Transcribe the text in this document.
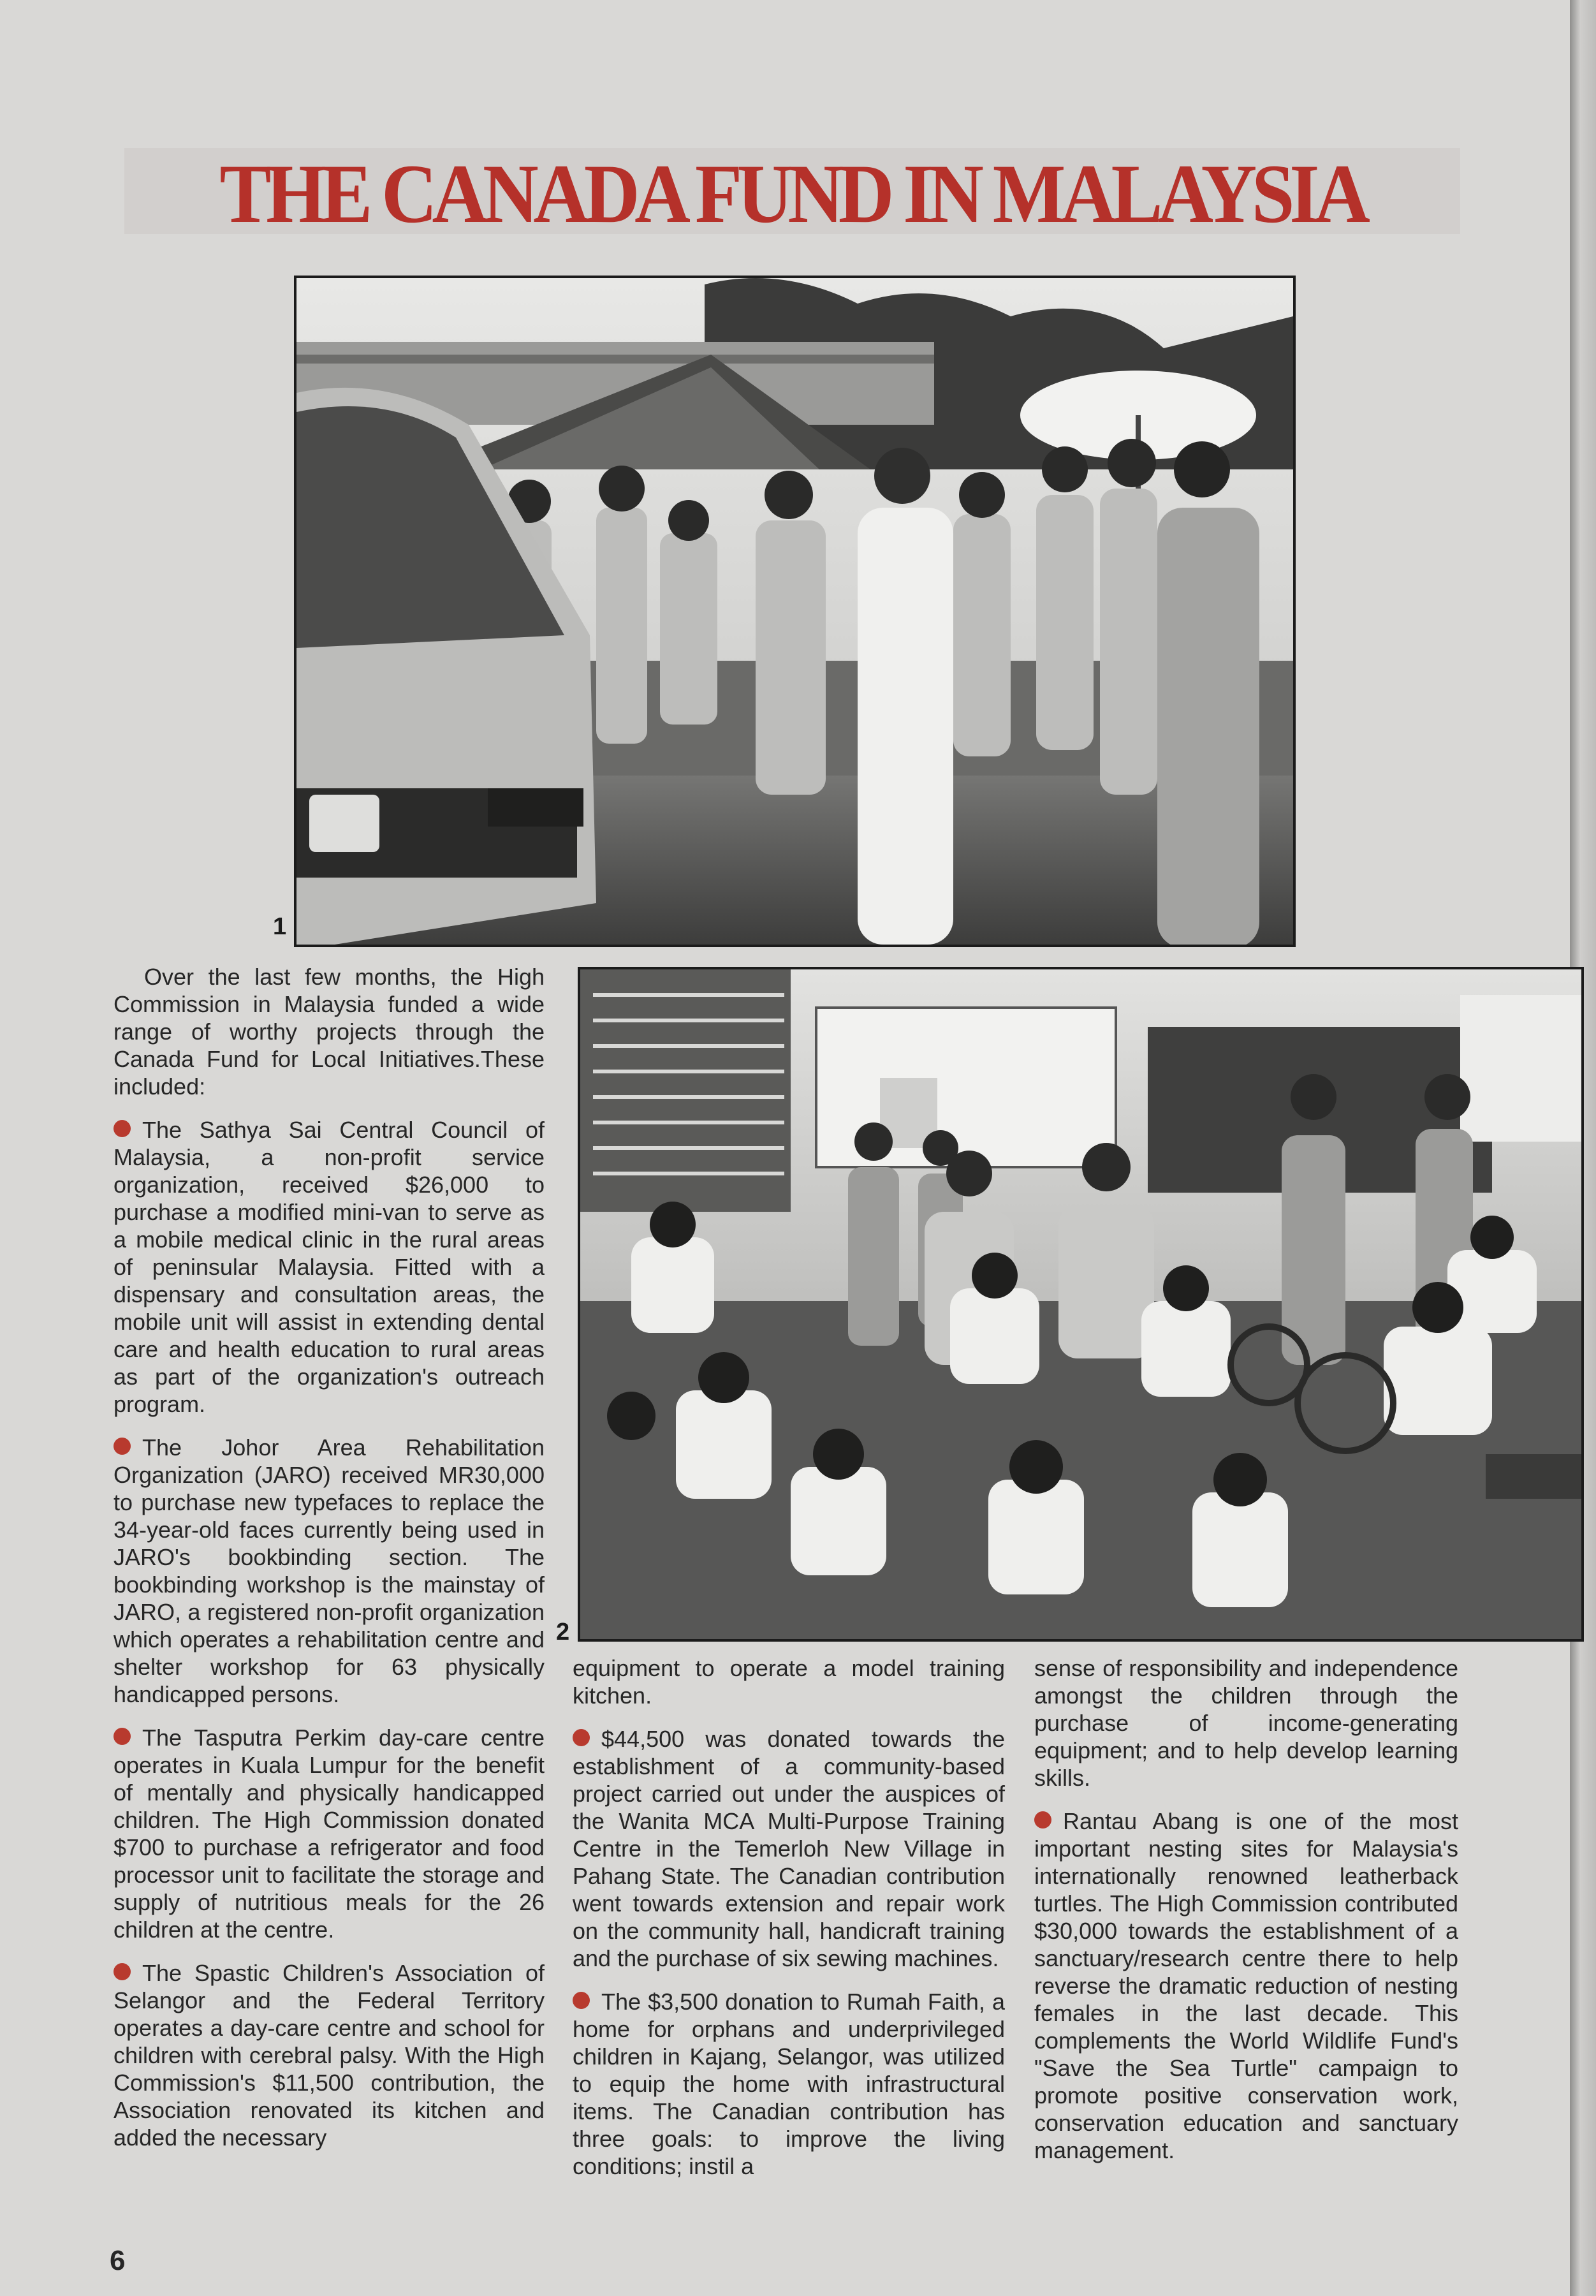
THE CANADA FUND IN MALAYSIA
1
2

Over the last few months, the High Commission in Malaysia funded a wide range of worthy projects through the Canada Fund for Local Initiatives.These included:

The Sathya Sai Central Council of Malaysia, a non-profit service organization, received $26,000 to purchase a modified mini-van to serve as a mobile medical clinic in the rural areas of peninsular Malaysia. Fitted with a dispensary and consultation areas, the mobile unit will assist in extending dental care and health education to rural areas as part of the organization's outreach program.

The Johor Area Rehabilitation Organization (JARO) received MR30,000 to purchase new typefaces to replace the 34-year-old faces currently being used in JARO's bookbinding section. The bookbinding workshop is the mainstay of JARO, a registered non-profit organization which operates a rehabilitation centre and shelter workshop for 63 physically handicapped persons.

The Tasputra Perkim day-care centre operates in Kuala Lumpur for the benefit of mentally and physically handicapped children. The High Commission donated $700 to purchase a refrigerator and food processor unit to facilitate the storage and supply of nutritious meals for the 26 children at the centre.

The Spastic Children's Association of Selangor and the Federal Territory operates a day-care centre and school for children with cerebral palsy. With the High Commission's $11,500 contribution, the Association renovated its kitchen and added the necessary

equipment to operate a model training kitchen.

$44,500 was donated towards the establishment of a community-based project carried out under the auspices of the Wanita MCA Multi-Purpose Training Centre in the Temerloh New Village in Pahang State. The Canadian contribution went towards extension and repair work on the community hall, handicraft training and the purchase of six sewing machines.

The $3,500 donation to Rumah Faith, a home for orphans and underprivileged children in Kajang, Selangor, was utilized to equip the home with infrastructural items. The Canadian contribution has three goals: to improve the living conditions; instil a

sense of responsibility and independence amongst the children through the purchase of income-generating equipment; and to help develop learning skills.

Rantau Abang is one of the most important nesting sites for Malaysia's internationally renowned leatherback turtles. The High Commission contributed $30,000 towards the establishment of a sanctuary/research centre there to help reverse the dramatic reduction of nesting females in the last decade. This complements the World Wildlife Fund's "Save the Sea Turtle" campaign to promote positive conservation work, conservation education and sanctuary management.

6
